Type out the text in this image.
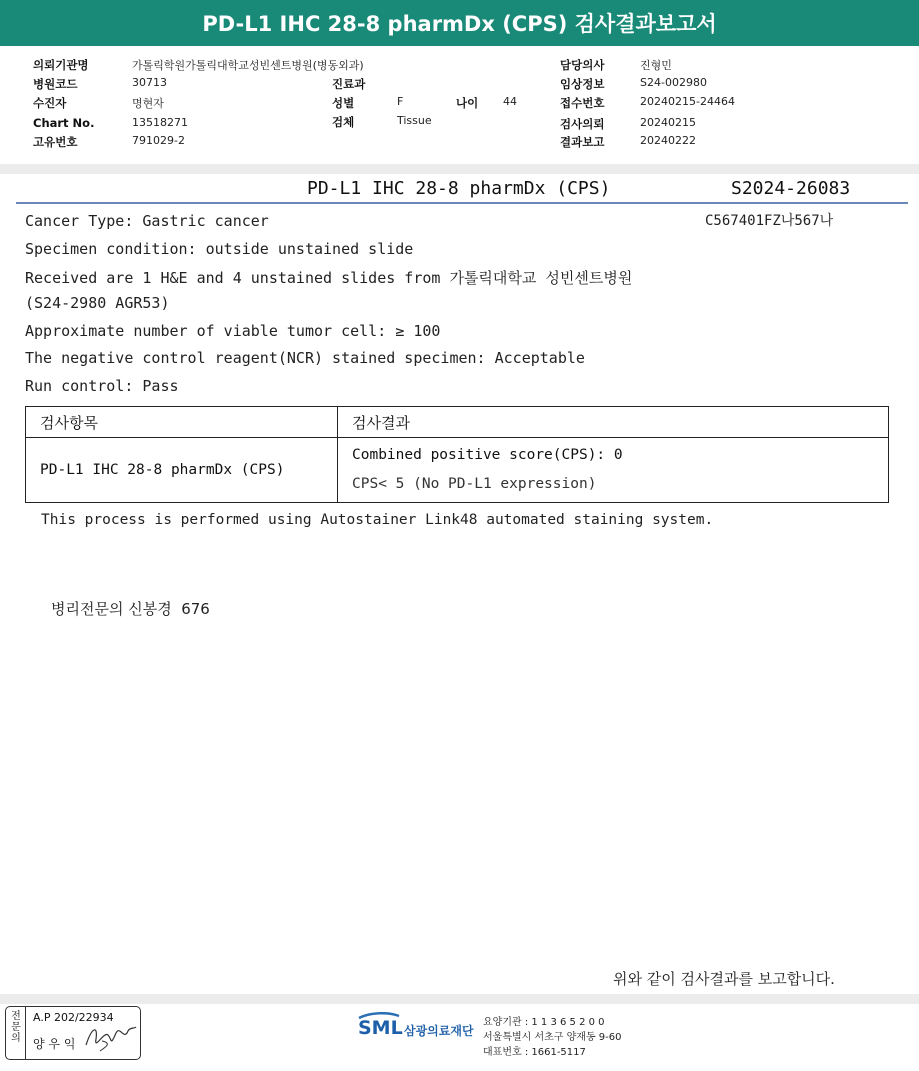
PD-L1 IHC 28-8 pharmDx (CPS) 검사결과보고서
의뢰기관명	가톨릭학원가톨릭대학교성빈센트병원(병동외과)
병원코드	30713
수진자	명현자
Chart No.	13518271
고유번호	791029-2
진료과
성별	F	나이 44
검체	Tissue
담당의사	진형민
임상정보	S24-002980
접수번호	20240215-24464
검사의뢰	20240215
결과보고	20240222
PD-L1 IHC 28-8 pharmDx (CPS)	S2024-26083
C567401FZ나567나
Cancer Type: Gastric cancer
Specimen condition: outside unstained slide
Received are 1 H&E and 4 unstained slides from 가톨릭대학교 성빈센트병원
(S24-2980 AGR53)
Approximate number of viable tumor cell: ≥ 100
The negative control reagent(NCR) stained specimen: Acceptable
Run control: Pass
검사항목	검사결과
PD-L1 IHC 28-8 pharmDx (CPS)	Combined positive score(CPS): 0
CPS< 5 (No PD-L1 expression)
This process is performed using Autostainer Link48 automated staining system.
병리전문의 신봉경  676
위와 같이 검사결과를 보고합니다.
전문의
A.P 202/22934
양 우 익
SML 삼광의료재단
요양기관 : 1 1 3 6 5 2 0 0
서울특별시 서초구 양재동 9-60
대표번호 : 1661-5117
